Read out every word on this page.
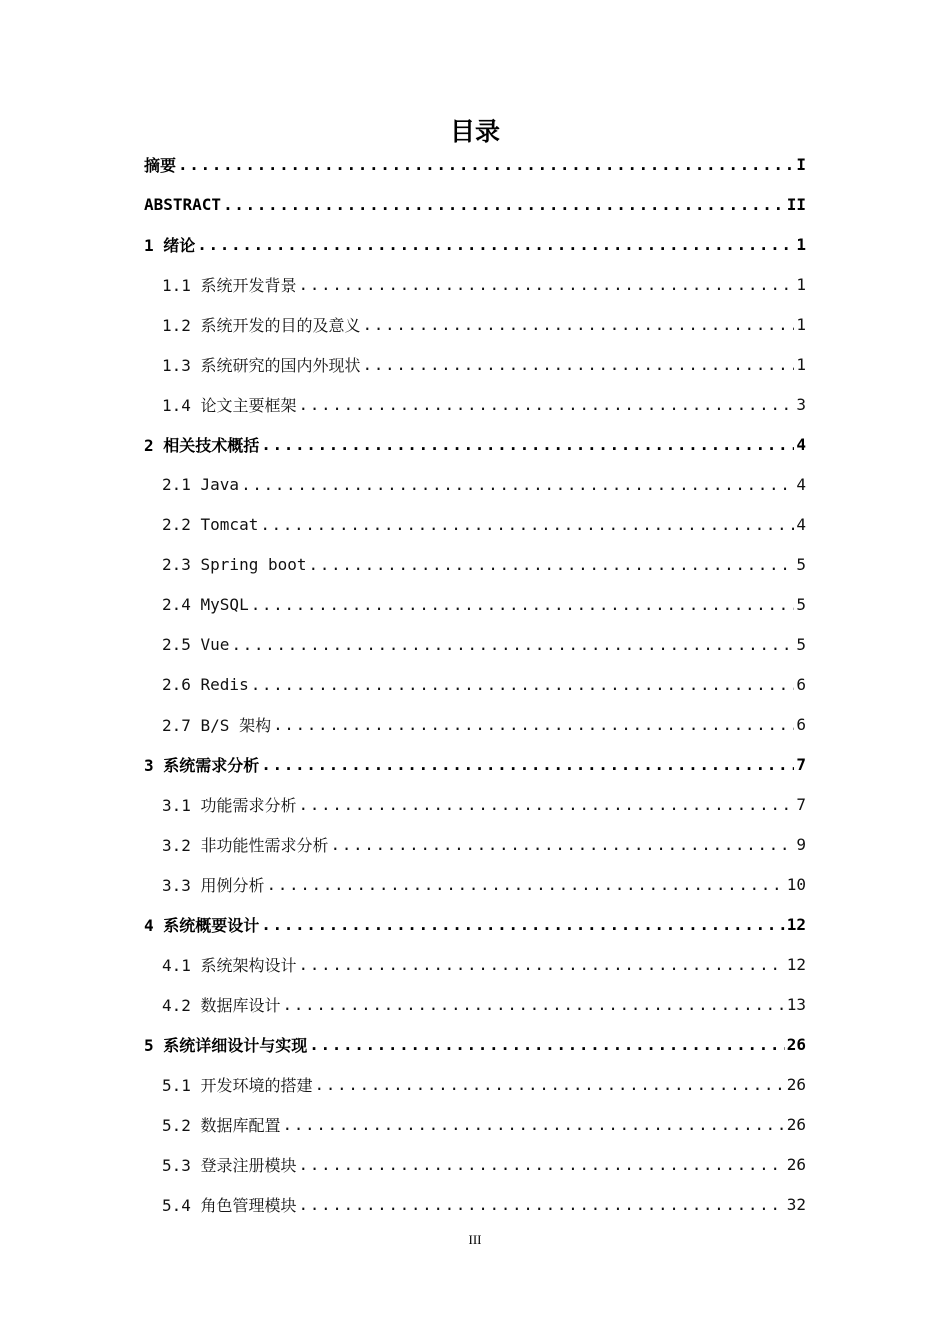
目录
摘要 .....	I
ABSTRACT .....	II
1 绪论 .....	1
1.1 系统开发背景 .....	1
1.2 系统开发的目的及意义 .....	1
1.3 系统研究的国内外现状 .....	1
1.4 论文主要框架 .....	3
2 相关技术概括 .....	4
2.1 Java .....	4
2.2 Tomcat .....	4
2.3 Spring boot .....	5
2.4 MySQL .....	5
2.5 Vue .....	5
2.6 Redis .....	6
2.7 B/S 架构 .....	6
3 系统需求分析 .....	7
3.1 功能需求分析 .....	7
3.2 非功能性需求分析 .....	9
3.3 用例分析 .....	10
4 系统概要设计 .....	12
4.1 系统架构设计 .....	12
4.2 数据库设计 .....	13
5 系统详细设计与实现 .....	26
5.1 开发环境的搭建 .....	26
5.2 数据库配置 .....	26
5.3 登录注册模块 .....	26
5.4 角色管理模块 .....	32
III
